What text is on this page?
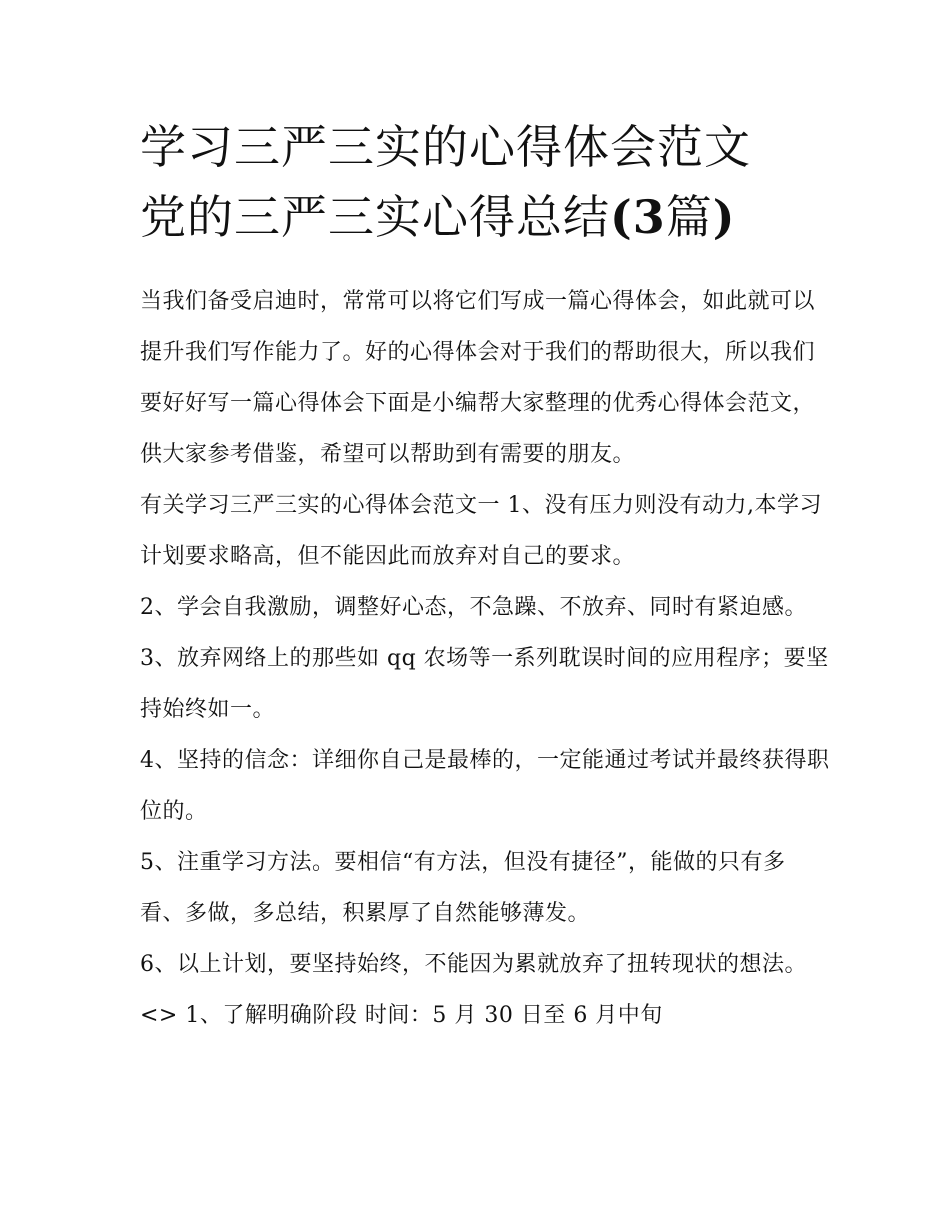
学习三严三实的心得体会范文
党的三严三实心得总结(3篇)

当我们备受启迪时，常常可以将它们写成一篇心得体会，如此就可以提升我们写作能力了。好的心得体会对于我们的帮助很大，所以我们要好好写一篇心得体会下面是小编帮大家整理的优秀心得体会范文，供大家参考借鉴，希望可以帮助到有需要的朋友。

有关学习三严三实的心得体会范文一 1、没有压力则没有动力,本学习计划要求略高，但不能因此而放弃对自己的要求。

2、学会自我激励，调整好心态，不急躁、不放弃、同时有紧迫感。 3、放弃网络上的那些如 qq 农场等一系列耽误时间的应用程序；要坚持始终如一。

4、坚持的信念：详细你自己是最棒的，一定能通过考试并最终获得职位的。

5、注重学习方法。要相信“有方法，但没有捷径”，能做的只有多看、多做，多总结，积累厚了自然能够薄发。

6、以上计划，要坚持始终，不能因为累就放弃了扭转现状的想法。 <> 1、了解明确阶段 时间：5 月 30 日至 6 月中旬
